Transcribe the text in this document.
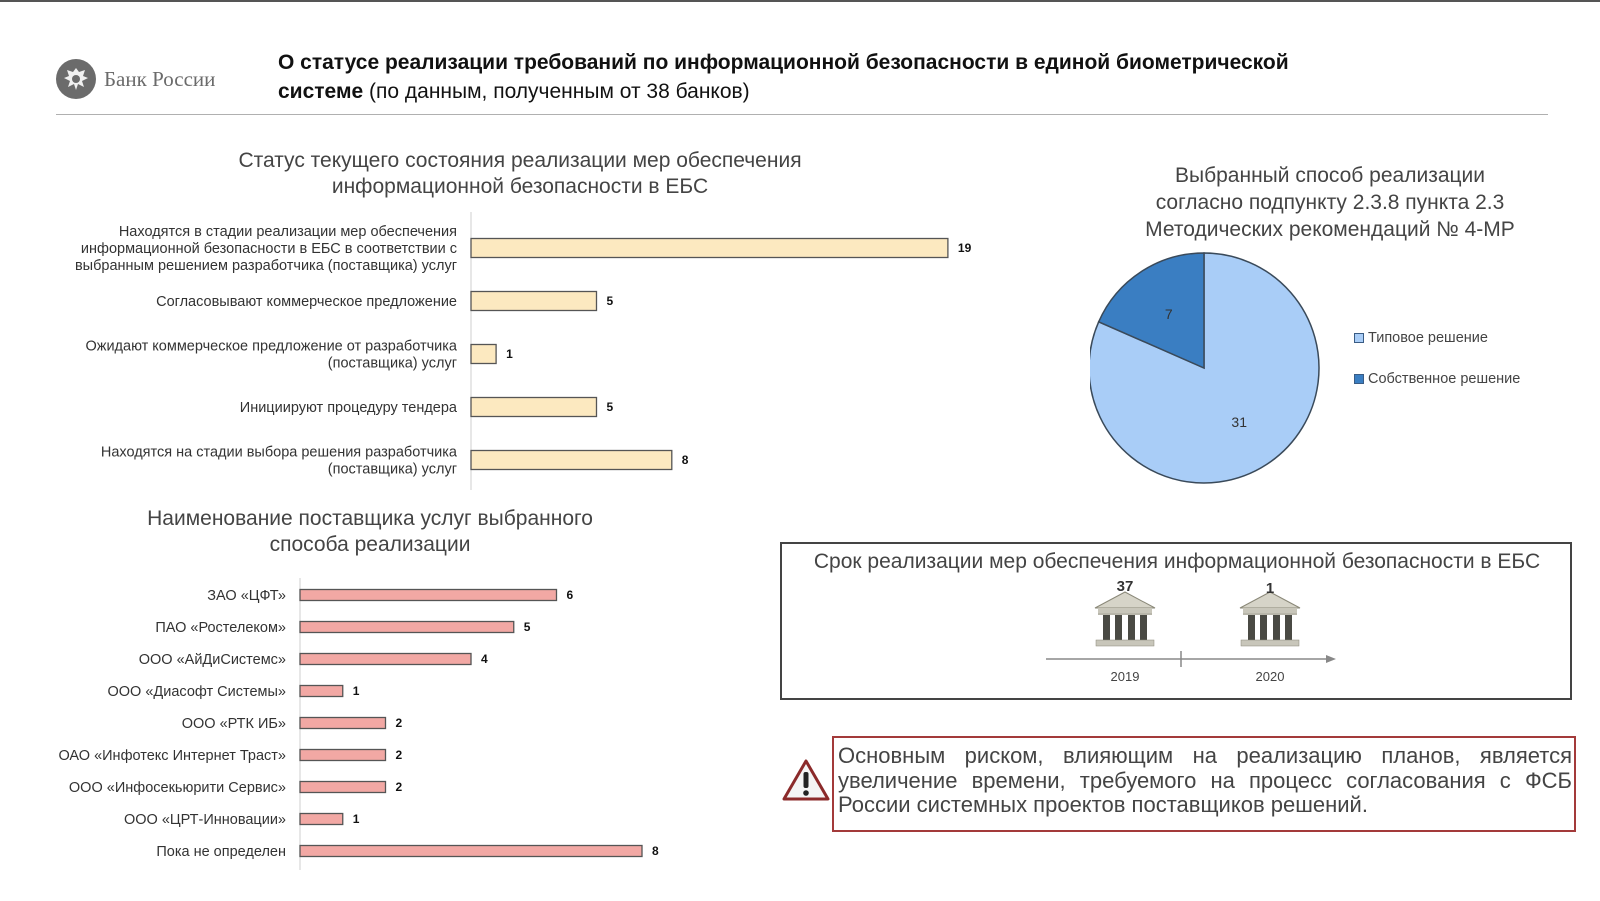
Банк России
О статусе реализации требований по информационной безопасности в единой биометрической
системе (по данным, полученным от 38 банков)
Статус текущего состояния реализации мер обеспечения
информационной безопасности в ЕБС
19
Находятся в стадии реализации мер обеспечения
информационной безопасности в ЕБС в соответствии с
выбранным решением разработчика (поставщика) услуг
5
Согласовывают коммерческое предложение
1
Ожидают коммерческое предложение от разработчика
(поставщика) услуг
5
Инициируют процедуру тендера
8
Находятся на стадии выбора решения разработчика
(поставщика) услуг
Наименование поставщика услуг выбранного
способа реализации
6
ЗАО «ЦФТ»
5
ПАО «Ростелеком»
4
ООО «АйДиСистемс»
1
ООО «Диасофт Системы»
2
ООО «РТК ИБ»
2
ОАО «Инфотекс Интернет Траст»
2
ООО «Инфосекьюрити Сервис»
1
ООО «ЦРТ-Инновации»
8
Пока не определен
Выбранный способ реализации
согласно подпункту 2.3.8 пункта 2.3
Методических рекомендаций № 4-МР
31
7
Типовое решение
Собственное решение
Срок реализации мер обеспечения информационной безопасности в ЕБС
37	1
2019	2020
Основным риском, влияющим на реализацию планов, является увеличение времени, требуемого на процесс согласования с ФСБ России системных проектов поставщиков решений.
